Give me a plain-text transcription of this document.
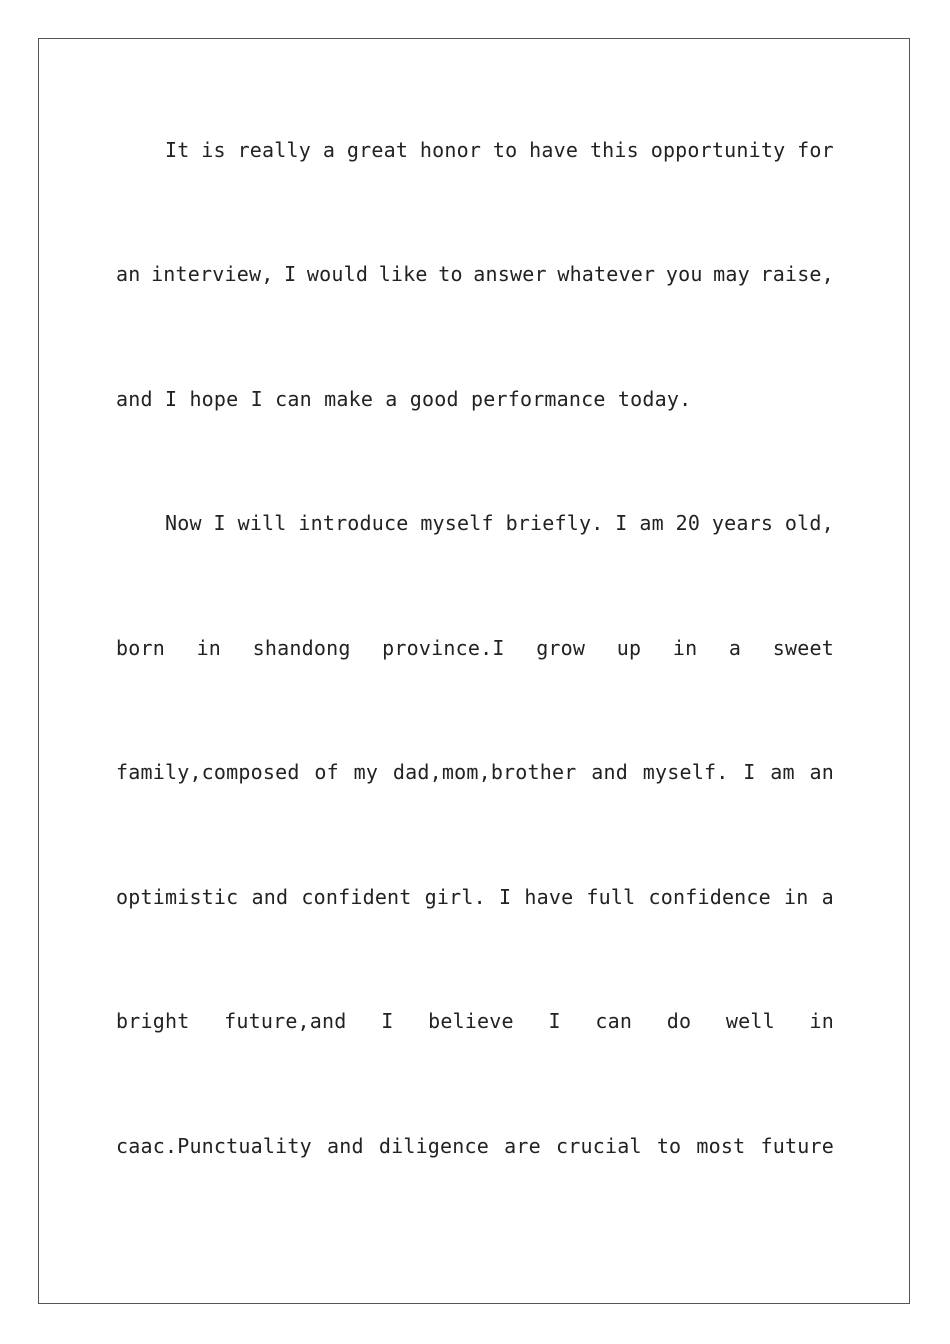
It is really a great honor to have this opportunity for
an interview, I would like to answer whatever you may raise,
and I hope I can make a good performance today.
Now I will introduce myself briefly. I am 20 years old,
born in shandong province.I grow up in a sweet
family,composed of my dad,mom,brother and myself. I am an
optimistic and confident girl. I have full confidence in a
bright future,and I believe I can do well in
caac.Punctuality and diligence are crucial to most future
